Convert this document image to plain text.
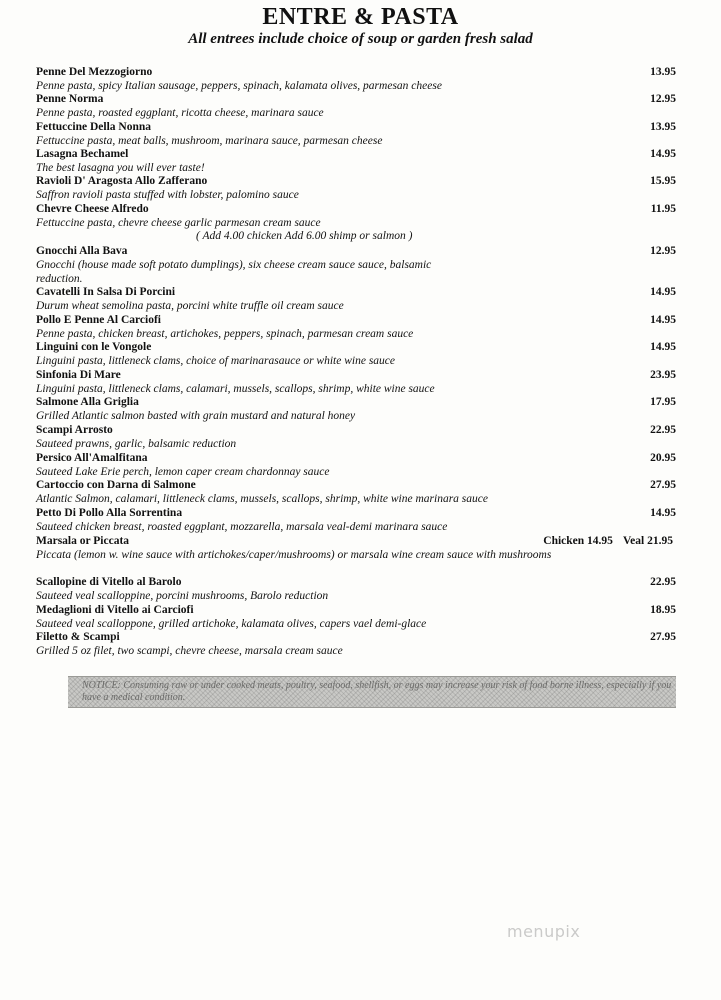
ENTRE & PASTA
All entrees include choice of soup or garden fresh salad
Penne Del Mezzogiorno
Penne pasta, spicy Italian sausage, peppers, spinach, kalamata olives, parmesan cheese
13.95
Penne Norma
Penne pasta, roasted eggplant, ricotta cheese, marinara sauce
12.95
Fettuccine Della Nonna
Fettuccine pasta, meat balls, mushroom, marinara sauce, parmesan cheese
13.95
Lasagna Bechamel
The best lasagna you will ever taste!
14.95
Ravioli D' Aragosta Allo Zafferano
Saffron ravioli pasta stuffed with lobster, palomino sauce
15.95
Chevre Cheese Alfredo
Fettuccine pasta, chevre cheese garlic parmesan cream sauce
( Add 4.00 chicken Add 6.00 shimp or salmon )
11.95
Gnocchi Alla Bava
Gnocchi (house made soft potato dumplings), six cheese cream sauce sauce, balsamic reduction.
12.95
Cavatelli In Salsa Di Porcini
Durum wheat semolina pasta, porcini white truffle oil cream sauce
14.95
Pollo E Penne Al Carciofi
Penne pasta, chicken breast, artichokes, peppers, spinach, parmesan cream sauce
14.95
Linguini con le Vongole
Linguini pasta, littleneck clams, choice of marinarasauce or white wine sauce
14.95
Sinfonia Di Mare
Linguini pasta, littleneck clams, calamari, mussels, scallops, shrimp, white wine sauce
23.95
Salmone Alla Griglia
Grilled Atlantic salmon basted with grain mustard and natural honey
17.95
Scampi Arrosto
Sauteed prawns, garlic, balsamic reduction
22.95
Persico All'Amalfitana
Sauteed Lake Erie perch, lemon caper cream chardonnay sauce
20.95
Cartoccio con Darna di Salmone
Atlantic Salmon, calamari, littleneck clams, mussels, scallops, shrimp, white wine marinara sauce
27.95
Petto Di Pollo Alla Sorrentina
Sauteed chicken breast, roasted eggplant, mozzarella, marsala veal-demi marinara sauce
14.95
Marsala or Piccata
Piccata (lemon w. wine sauce with artichokes/caper/mushrooms) or marsala wine cream sauce with mushrooms
Chicken 14.95 Veal 21.95
Scallopine di Vitello al Barolo
Sauteed veal scalloppine, porcini mushrooms, Barolo reduction
22.95
Medaglioni di Vitello ai Carciofi
Sauteed veal scalloppone, grilled artichoke, kalamata olives, capers vael demi-glace
18.95
Filetto & Scampi
Grilled 5 oz filet, two scampi, chevre cheese, marsala cream sauce
27.95
NOTICE: Consuming raw or under cooked meats, poultry, seafood, shellfish, or eggs may increase your risk of food borne illness, especially if you have a medical condition.
menupix
